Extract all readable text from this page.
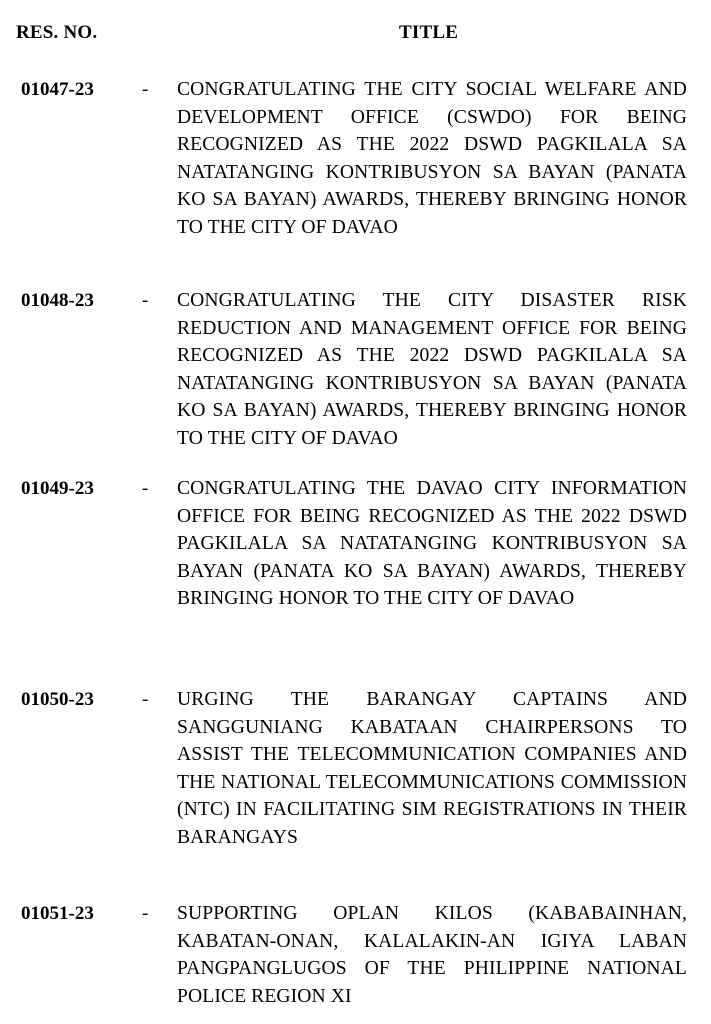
RES. NO.	TITLE
01047-23	- CONGRATULATING THE CITY SOCIAL WELFARE AND DEVELOPMENT OFFICE (CSWDO) FOR BEING RECOGNIZED AS THE 2022 DSWD PAGKILALA SA NATATANGING KONTRIBUSYON SA BAYAN (PANATA KO SA BAYAN) AWARDS, THEREBY BRINGING HONOR TO THE CITY OF DAVAO
01048-23	- CONGRATULATING THE CITY DISASTER RISK REDUCTION AND MANAGEMENT OFFICE FOR BEING RECOGNIZED AS THE 2022 DSWD PAGKILALA SA NATATANGING KONTRIBUSYON SA BAYAN (PANATA KO SA BAYAN) AWARDS, THEREBY BRINGING HONOR TO THE CITY OF DAVAO
01049-23	- CONGRATULATING THE DAVAO CITY INFORMATION OFFICE FOR BEING RECOGNIZED AS THE 2022 DSWD PAGKILALA SA NATATANGING KONTRIBUSYON SA BAYAN (PANATA KO SA BAYAN) AWARDS, THEREBY BRINGING HONOR TO THE CITY OF DAVAO
01050-23	- URGING THE BARANGAY CAPTAINS AND SANGGUNIANG KABATAAN CHAIRPERSONS TO ASSIST THE TELECOMMUNICATION COMPANIES AND THE NATIONAL TELECOMMUNICATIONS COMMISSION (NTC) IN FACILITATING SIM REGISTRATIONS IN THEIR BARANGAYS
01051-23	- SUPPORTING OPLAN KILOS (KABABAINHAN, KABATAN-ONAN, KALALAKIN-AN IGIYA LABAN PANGPANGLUGOS OF THE PHILIPPINE NATIONAL POLICE REGION XI
